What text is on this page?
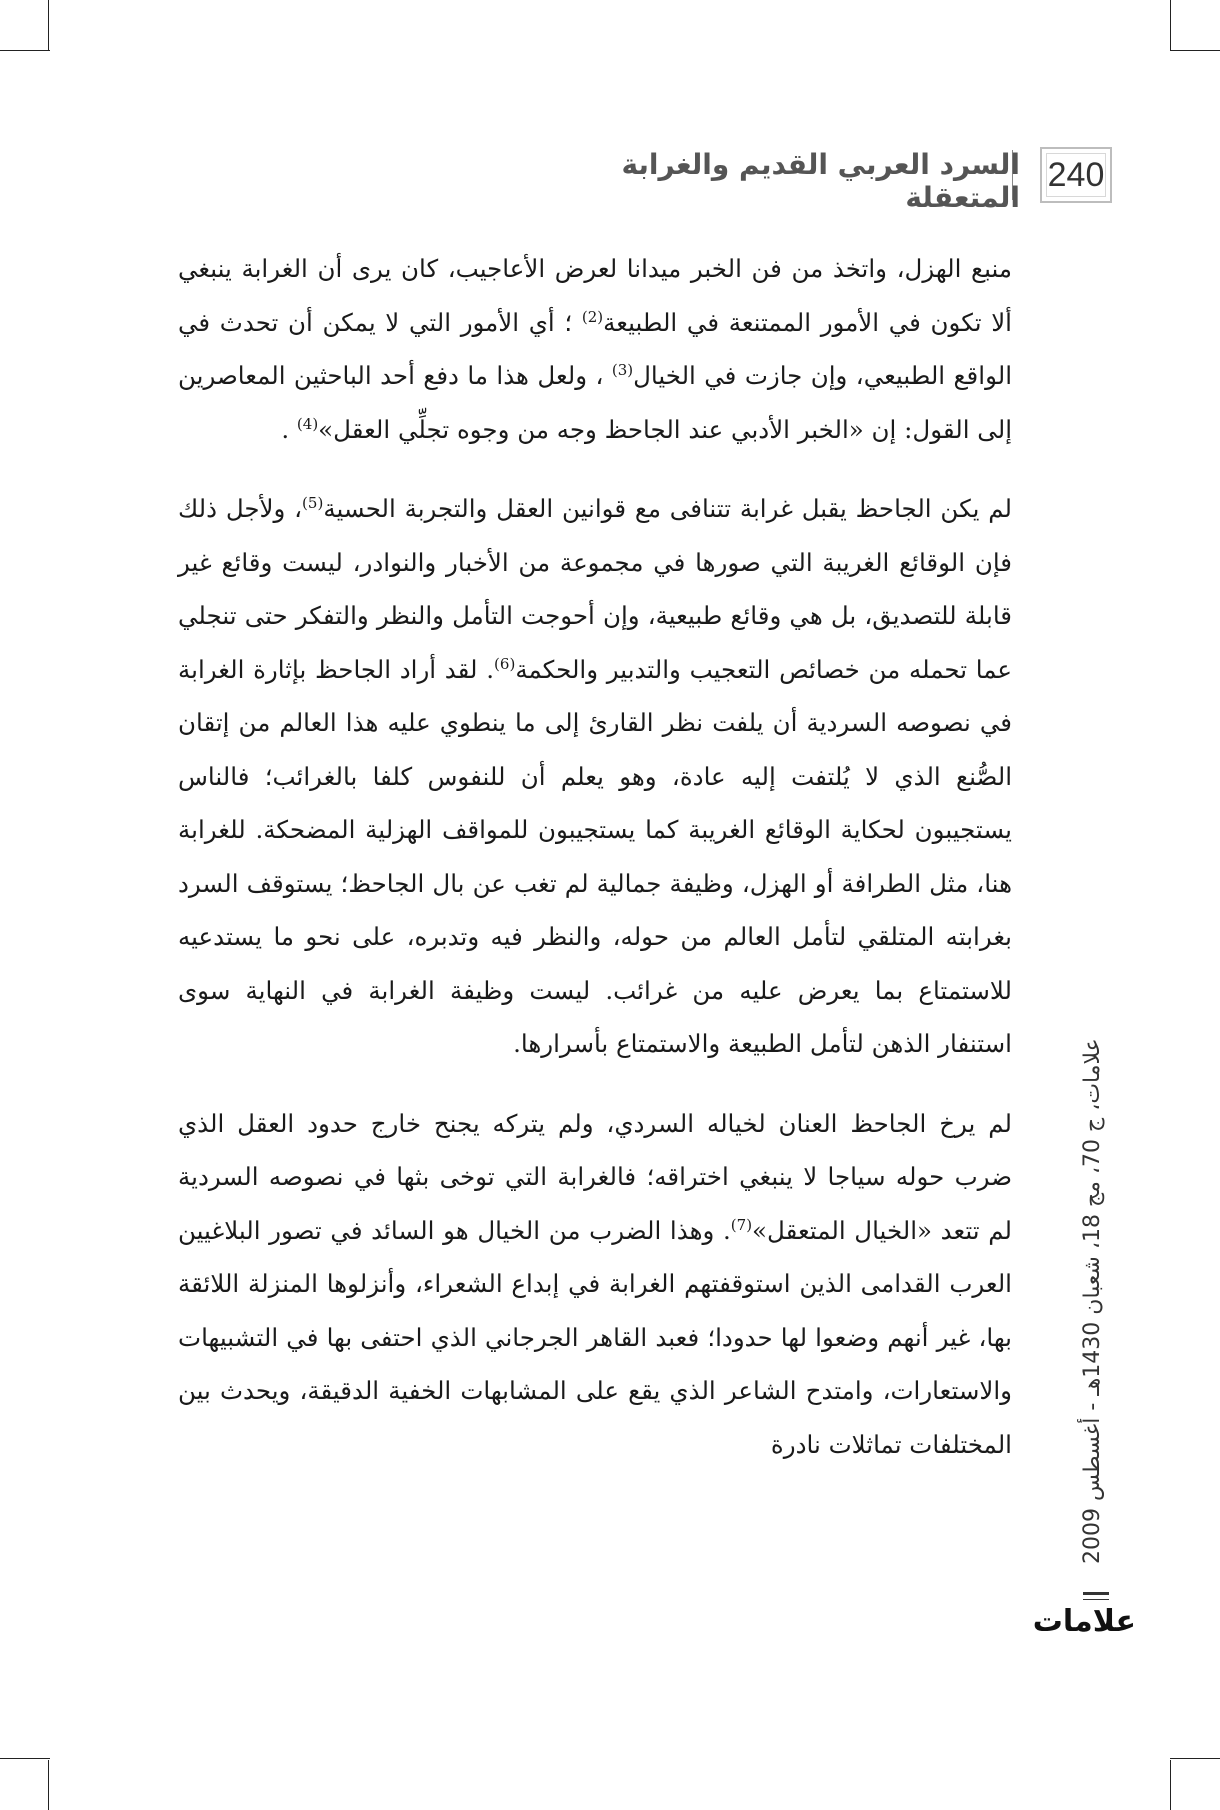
240
السرد العربي القديم والغرابة المتعقلة

منبع الهزل، واتخذ من فن الخبر ميدانا لعرض الأعاجيب، كان يرى أن الغرابة ينبغي ألا تكون في الأمور الممتنعة في الطبيعة$^{(2)}$ ؛ أي الأمور التي لا يمكن أن تحدث في الواقع الطبيعي، وإن جازت في الخيال$^{(3)}$ ، ولعل هذا ما دفع أحد الباحثين المعاصرين إلى القول: إن «الخبر الأدبي عند الجاحظ وجه من وجوه تجلِّي العقل»$^{(4)}$ .

لم يكن الجاحظ يقبل غرابة تتنافى مع قوانين العقل والتجربة الحسية$^{(5)}$، ولأجل ذلك فإن الوقائع الغريبة التي صورها في مجموعة من الأخبار والنوادر، ليست وقائع غير قابلة للتصديق، بل هي وقائع طبيعية، وإن أحوجت التأمل والنظر والتفكر حتى تنجلي عما تحمله من خصائص التعجيب والتدبير والحكمة$^{(6)}$. لقد أراد الجاحظ بإثارة الغرابة في نصوصه السردية أن يلفت نظر القارئ إلى ما ينطوي عليه هذا العالم من إتقان الصُّنع الذي لا يُلتفت إليه عادة، وهو يعلم أن للنفوس كلفا بالغرائب؛ فالناس يستجيبون لحكاية الوقائع الغريبة كما يستجيبون للمواقف الهزلية المضحكة. للغرابة هنا، مثل الطرافة أو الهزل، وظيفة جمالية لم تغب عن بال الجاحظ؛ يستوقف السرد بغرابته المتلقي لتأمل العالم من حوله، والنظر فيه وتدبره، على نحو ما يستدعيه للاستمتاع بما يعرض عليه من غرائب. ليست وظيفة الغرابة في النهاية سوى استنفار الذهن لتأمل الطبيعة والاستمتاع بأسرارها.

لم يرخ الجاحظ العنان لخياله السردي، ولم يتركه يجنح خارج حدود العقل الذي ضرب حوله سياجا لا ينبغي اختراقه؛ فالغرابة التي توخى بثها في نصوصه السردية لم تتعد «الخيال المتعقل»$^{(7)}$. وهذا الضرب من الخيال هو السائد في تصور البلاغيين العرب القدامى الذين استوقفتهم الغرابة في إبداع الشعراء، وأنزلوها المنزلة اللائقة بها، غير أنهم وضعوا لها حدودا؛ فعبد القاهر الجرجاني الذي احتفى بها في التشبيهات والاستعارات، وامتدح الشاعر الذي يقع على المشابهات الخفية الدقيقة، ويحدث بين المختلفات تماثلات نادرة

علامات، ج 70، مج 18، شعبان 1430هـ - أغسطس 2009
علامات
